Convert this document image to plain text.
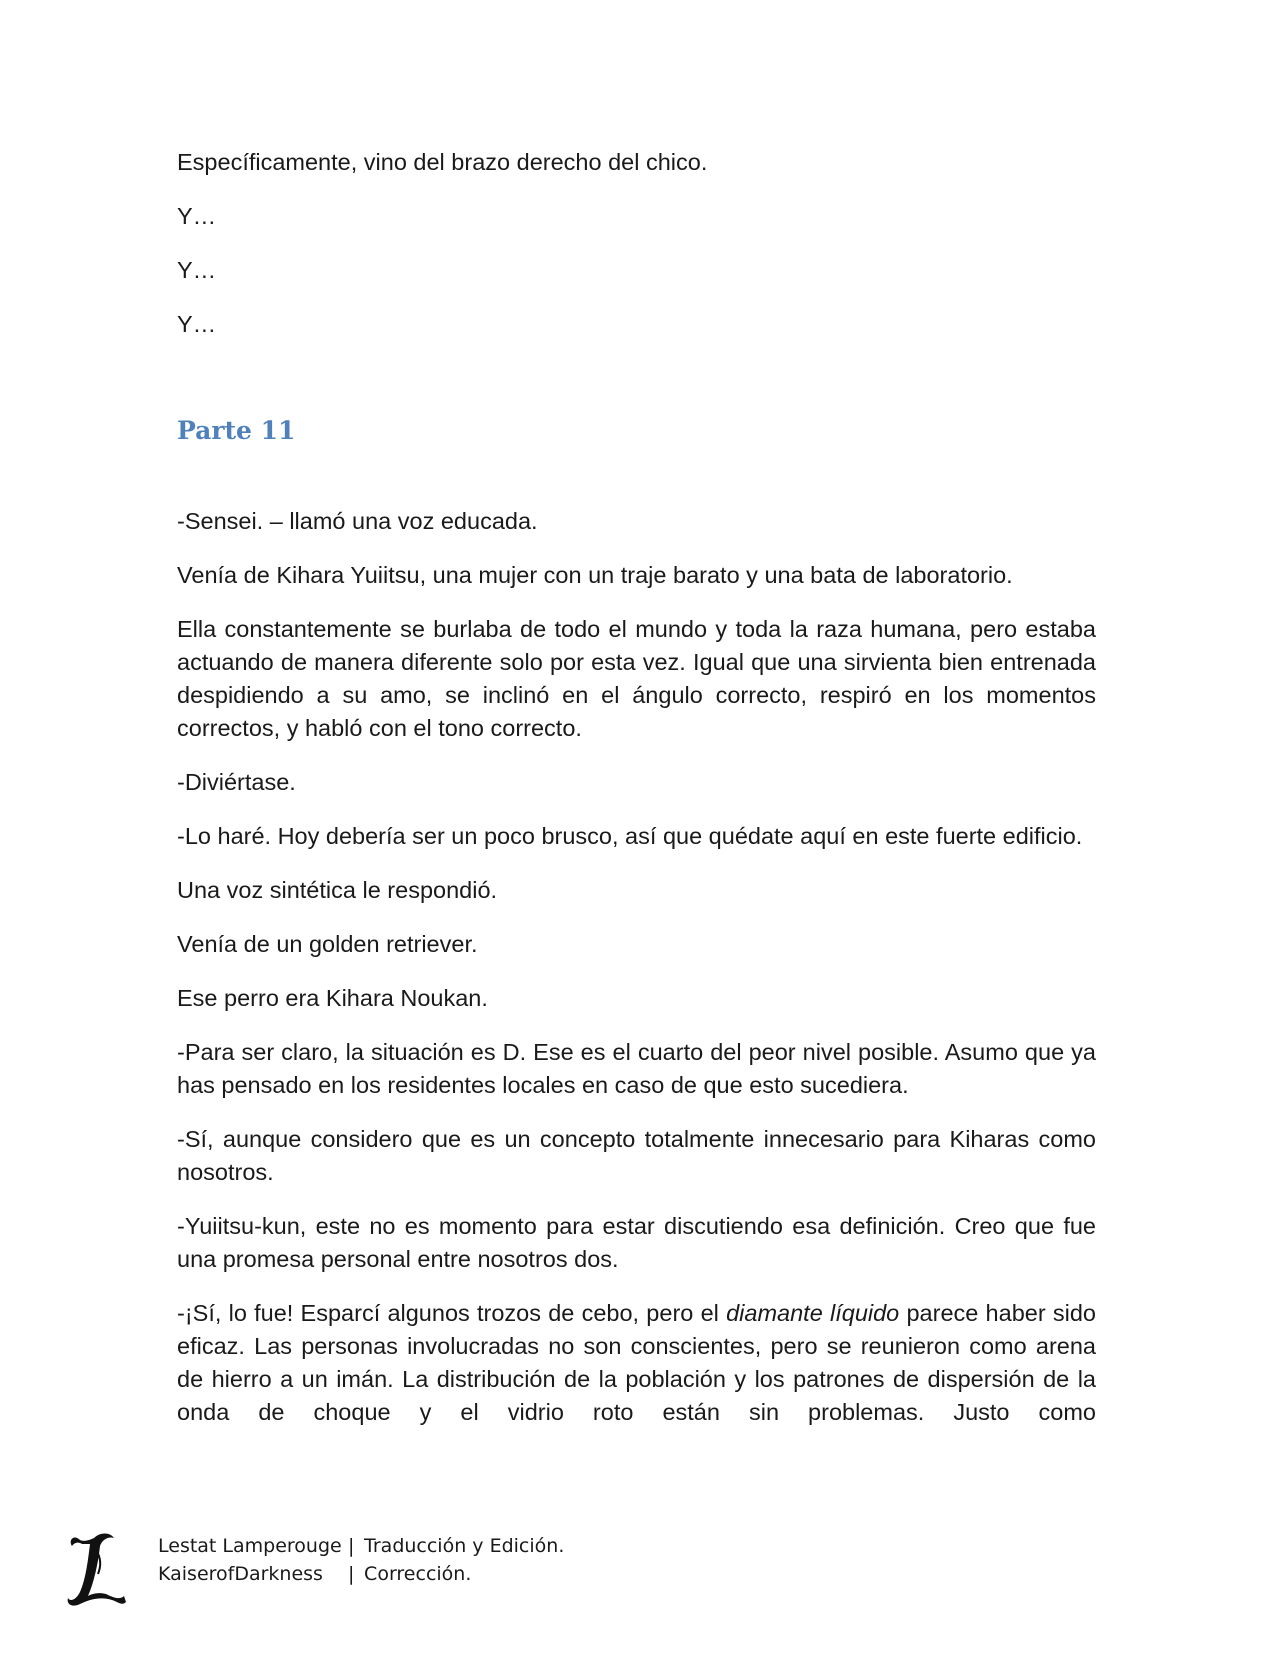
Específicamente, vino del brazo derecho del chico.

Y…

Y…

Y…

Parte 11

-Sensei. – llamó una voz educada.

Venía de Kihara Yuiitsu, una mujer con un traje barato y una bata de laboratorio.

Ella constantemente se burlaba de todo el mundo y toda la raza humana, pero estaba actuando de manera diferente solo por esta vez. Igual que una sirvienta bien entrenada despidiendo a su amo, se inclinó en el ángulo correcto, respiró en los momentos correctos, y habló con el tono correcto.

-Diviértase.

-Lo haré. Hoy debería ser un poco brusco, así que quédate aquí en este fuerte edificio.

Una voz sintética le respondió.

Venía de un golden retriever.

Ese perro era Kihara Noukan.

-Para ser claro, la situación es D. Ese es el cuarto del peor nivel posible. Asumo que ya has pensado en los residentes locales en caso de que esto sucediera.

-Sí, aunque considero que es un concepto totalmente innecesario para Kiharas como nosotros.

-Yuiitsu-kun, este no es momento para estar discutiendo esa definición. Creo que fue una promesa personal entre nosotros dos.

-¡Sí, lo fue! Esparcí algunos trozos de cebo, pero el diamante líquido parece haber sido eficaz. Las personas involucradas no son conscientes, pero se reunieron como arena de hierro a un imán. La distribución de la población y los patrones de dispersión de la onda de choque y el vidrio roto están sin problemas. Justo como

Lestat Lamperouge | Traducción y Edición.
KaiserofDarkness | Corrección.
